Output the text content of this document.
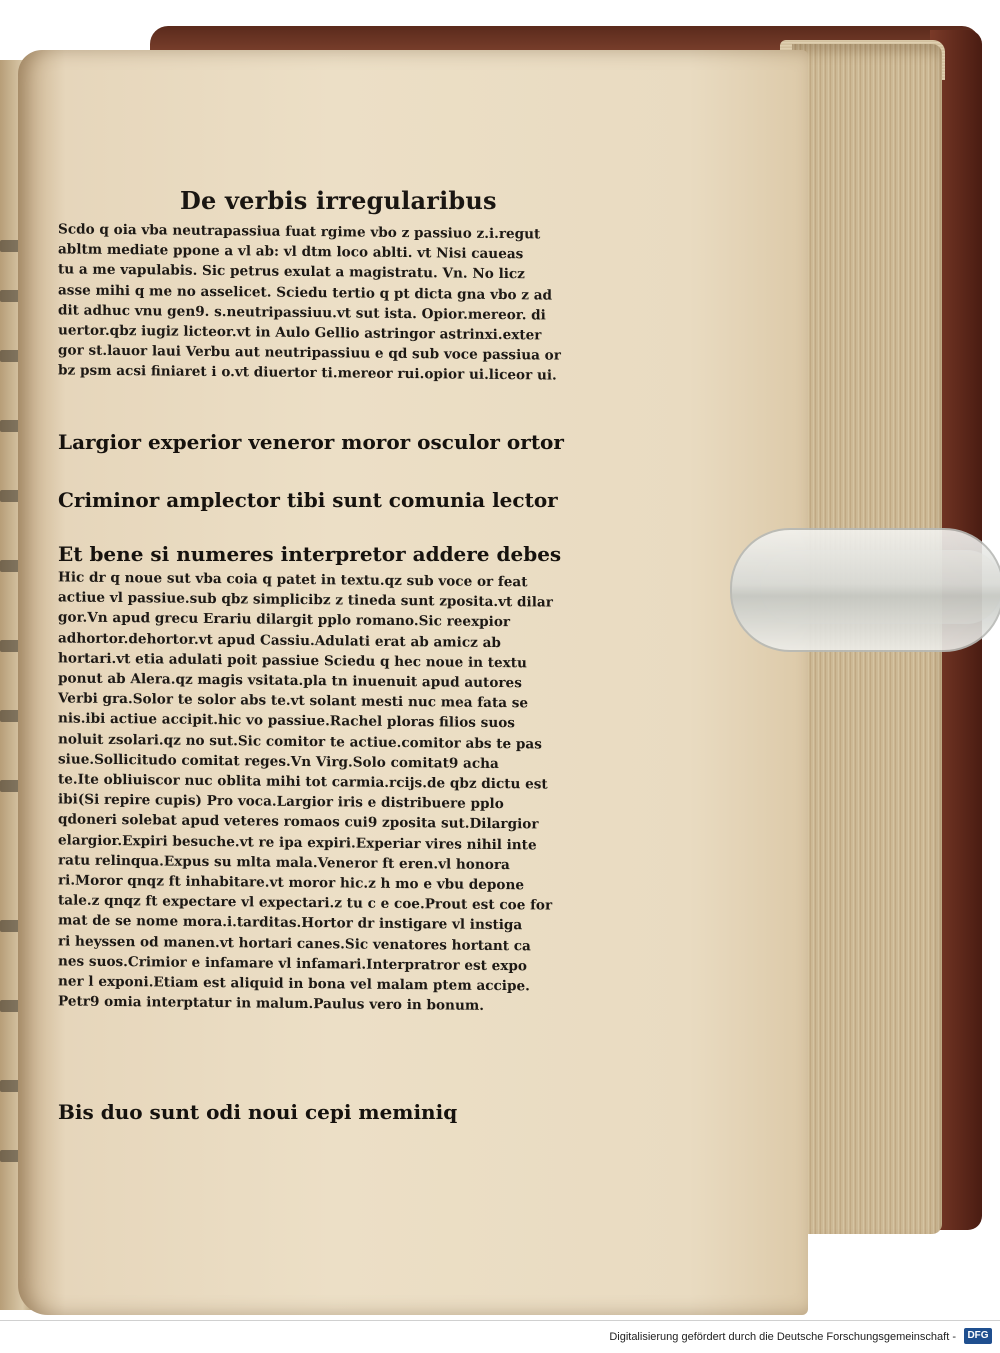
De verbis irregularibus
Scdo q oia vba neutrapassiua fuat rgime vbo z passiuo z.i.regut
abltm mediate ppone a vl ab: vl dtm loco ablti. vt Nisi caueas
tu a me vapulabis. Sic petrus exulat a magistratu. Vn. No licz
asse mihi q me no asselicet. Sciedu tertio q pt dicta gna vbo z ad
dit adhuc vnu gen9. s.neutripassiuu.vt sut ista. Opior.mereor. di
uertor.qbz iugiz licteor.vt in Aulo Gellio astringor astrinxi.exter
gor st.lauor laui Verbu aut neutripassiuu e qd sub voce passiua or
bz psm acsi finiaret i o.vt diuertor ti.mereor rui.opior ui.liceor ui.
Largior experior veneror moror osculor ortor
Criminor amplector tibi sunt comunia lector
Et bene si numeres interpretor addere debes
Hic dr q noue sut vba coia q patet in textu.qz sub voce or feat
actiue vl passiue.sub qbz simplicibz z tineda sunt zposita.vt dilar
gor.Vn apud grecu Erariu dilargit pplo romano.Sic reexpior
adhortor.dehortor.vt apud Cassiu.Adulati erat ab amicz ab
hortari.vt etia adulati poit passiue Sciedu q hec noue in textu
ponut ab Alera.qz magis vsitata.pla tn inuenuit apud autores
Verbi gra.Solor te solor abs te.vt solant mesti nuc mea fata se
nis.ibi actiue accipit.hic vo passiue.Rachel ploras filios suos
noluit zsolari.qz no sut.Sic comitor te actiue.comitor abs te pas
siue.Sollicitudo comitat reges.Vn Virg.Solo comitat9 acha
te.Ite obliuiscor nuc oblita mihi tot carmia.rcijs.de qbz dictu est
ibi(Si repire cupis) Pro voca.Largior iris e distribuere pplo
qdoneri solebat apud veteres romaos cui9 zposita sut.Dilargior
elargior.Expiri besuche.vt re ipa expiri.Experiar vires nihil inte
ratu relinqua.Expus su mlta mala.Veneror ft eren.vl honora
ri.Moror qnqz ft inhabitare.vt moror hic.z h mo e vbu depone
tale.z qnqz ft expectare vl expectari.z tu c e coe.Prout est coe for
mat de se nome mora.i.tarditas.Hortor dr instigare vl instiga
ri heyssen od manen.vt hortari canes.Sic venatores hortant ca
nes suos.Crimior e infamare vl infamari.Interpratror est expo
ner l exponi.Etiam est aliquid in bona vel malam ptem accipe.
Petr9 omia interptatur in malum.Paulus vero in bonum.
Bis duo sunt odi noui cepi meminiq
Digitalisierung gefördert durch die Deutsche Forschungsgemeinschaft -	DFG
